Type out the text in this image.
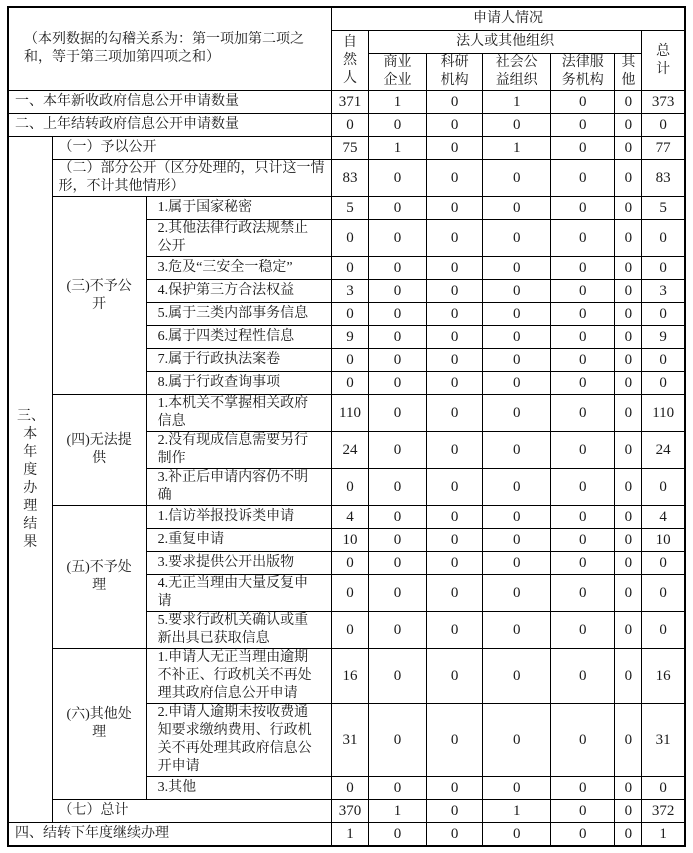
（本列数据的勾稽关系为：第一项加第二项之和，等于第三项加第四项之和）			申请人情况						
			自然人	法人或其他组织					总计
				商业企业	科研机构	社会公益组织	法律服务机构	其他	
一、本年新收政府信息公开申请数量			371	1	0	1	0	0	373
二、上年结转政府信息公开申请数量			0	0	0	0	0	0	0
三、本年度办理结果	（一）予以公开		75	1	0	1	0	0	77
	（二）部分公开（区分处理的，只计这一情形，不计其他情形）		83	0	0	0	0	0	83
	(三)不予公开	1.属于国家秘密	5	0	0	0	0	0	5
		2.其他法律行政法规禁止公开	0	0	0	0	0	0	0
		3.危及“三安全一稳定”	0	0	0	0	0	0	0
		4.保护第三方合法权益	3	0	0	0	0	0	3
		5.属于三类内部事务信息	0	0	0	0	0	0	0
		6.属于四类过程性信息	9	0	0	0	0	0	9
		7.属于行政执法案卷	0	0	0	0	0	0	0
		8.属于行政查询事项	0	0	0	0	0	0	0
	(四)无法提供	1.本机关不掌握相关政府信息	110	0	0	0	0	0	110
		2.没有现成信息需要另行制作	24	0	0	0	0	0	24
		3.补正后申请内容仍不明确	0	0	0	0	0	0	0
	(五)不予处理	1.信访举报投诉类申请	4	0	0	0	0	0	4
		2.重复申请	10	0	0	0	0	0	10
		3.要求提供公开出版物	0	0	0	0	0	0	0
		4.无正当理由大量反复申请	0	0	0	0	0	0	0
		5.要求行政机关确认或重新出具已获取信息	0	0	0	0	0	0	0
	(六)其他处理	1.申请人无正当理由逾期不补正、行政机关不再处理其政府信息公开申请	16	0	0	0	0	0	16
		2.申请人逾期未按收费通知要求缴纳费用、行政机关不再处理其政府信息公开申请	31	0	0	0	0	0	31
		3.其他	0	0	0	0	0	0	0
	（七）总计		370	1	0	1	0	0	372
四、结转下年度继续办理			1	0	0	0	0	0	1
